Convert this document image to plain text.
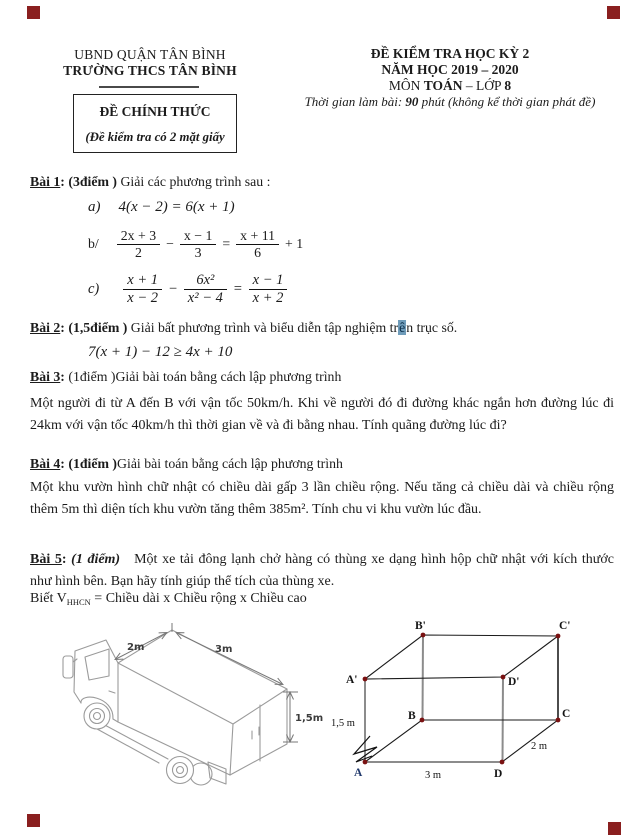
UBND QUẬN TÂN BÌNH
TRƯỜNG THCS TÂN BÌNH
ĐỀ CHÍNH THỨC
(Đề kiểm tra có 2 mặt giấy
ĐỀ KIỂM TRA HỌC KỲ 2
NĂM HỌC 2019 – 2020
MÔN TOÁN – LỚP 8
Thời gian làm bài: 90 phút (không kể thời gian phát đề)
Bài 1: (3điểm ) Giải các phương trình sau :
a) 4(x − 2) = 6(x + 1)
$b/ \frac{2x + 3}{2} - \frac{x - 1}{3} = \frac{x + 11}{6} + 1$
$c) \frac{x + 1}{x - 2} - \frac{\text{6x²}}{\text{x² − 4}} = \frac{x - 1}{x + 2}$
Bài 2: (1,5điểm ) Giải bất phương trình và biểu diễn tập nghiệm trên trục số.
7(x + 1) − 12 ≥ 4x + 10
Bài 3: (1điểm )Giải bài toán bằng cách lập phương trình
Một người đi từ A đến B với vận tốc 50km/h. Khi về người đó đi đường khác ngắn hơn đường lúc đi 24km với vận tốc 40km/h thì thời gian về và đi bằng nhau. Tính quãng đường lúc đi?
Bài 4: (1điểm )Giải bài toán bằng cách lập phương trình
Một khu vườn hình chữ nhật có chiều dài gấp 3 lần chiều rộng. Nếu tăng cả chiều dài và chiều rộng thêm 5m thì diện tích khu vườn tăng thêm 385m². Tính chu vi khu vườn lúc đầu.
Bài 5: (1 điểm) Một xe tải đông lạnh chở hàng có thùng xe dạng hình hộp chữ nhật với kích thước như hình bên. Bạn hãy tính giúp thể tích của thùng xe.
Biết $V_{HHCN}$ = Chiều dài x Chiều rộng x Chiều cao
2m	3m
1,5m
A'
B'	C'
D'
B	C
A	D
1,5 m
3 m
2 m
